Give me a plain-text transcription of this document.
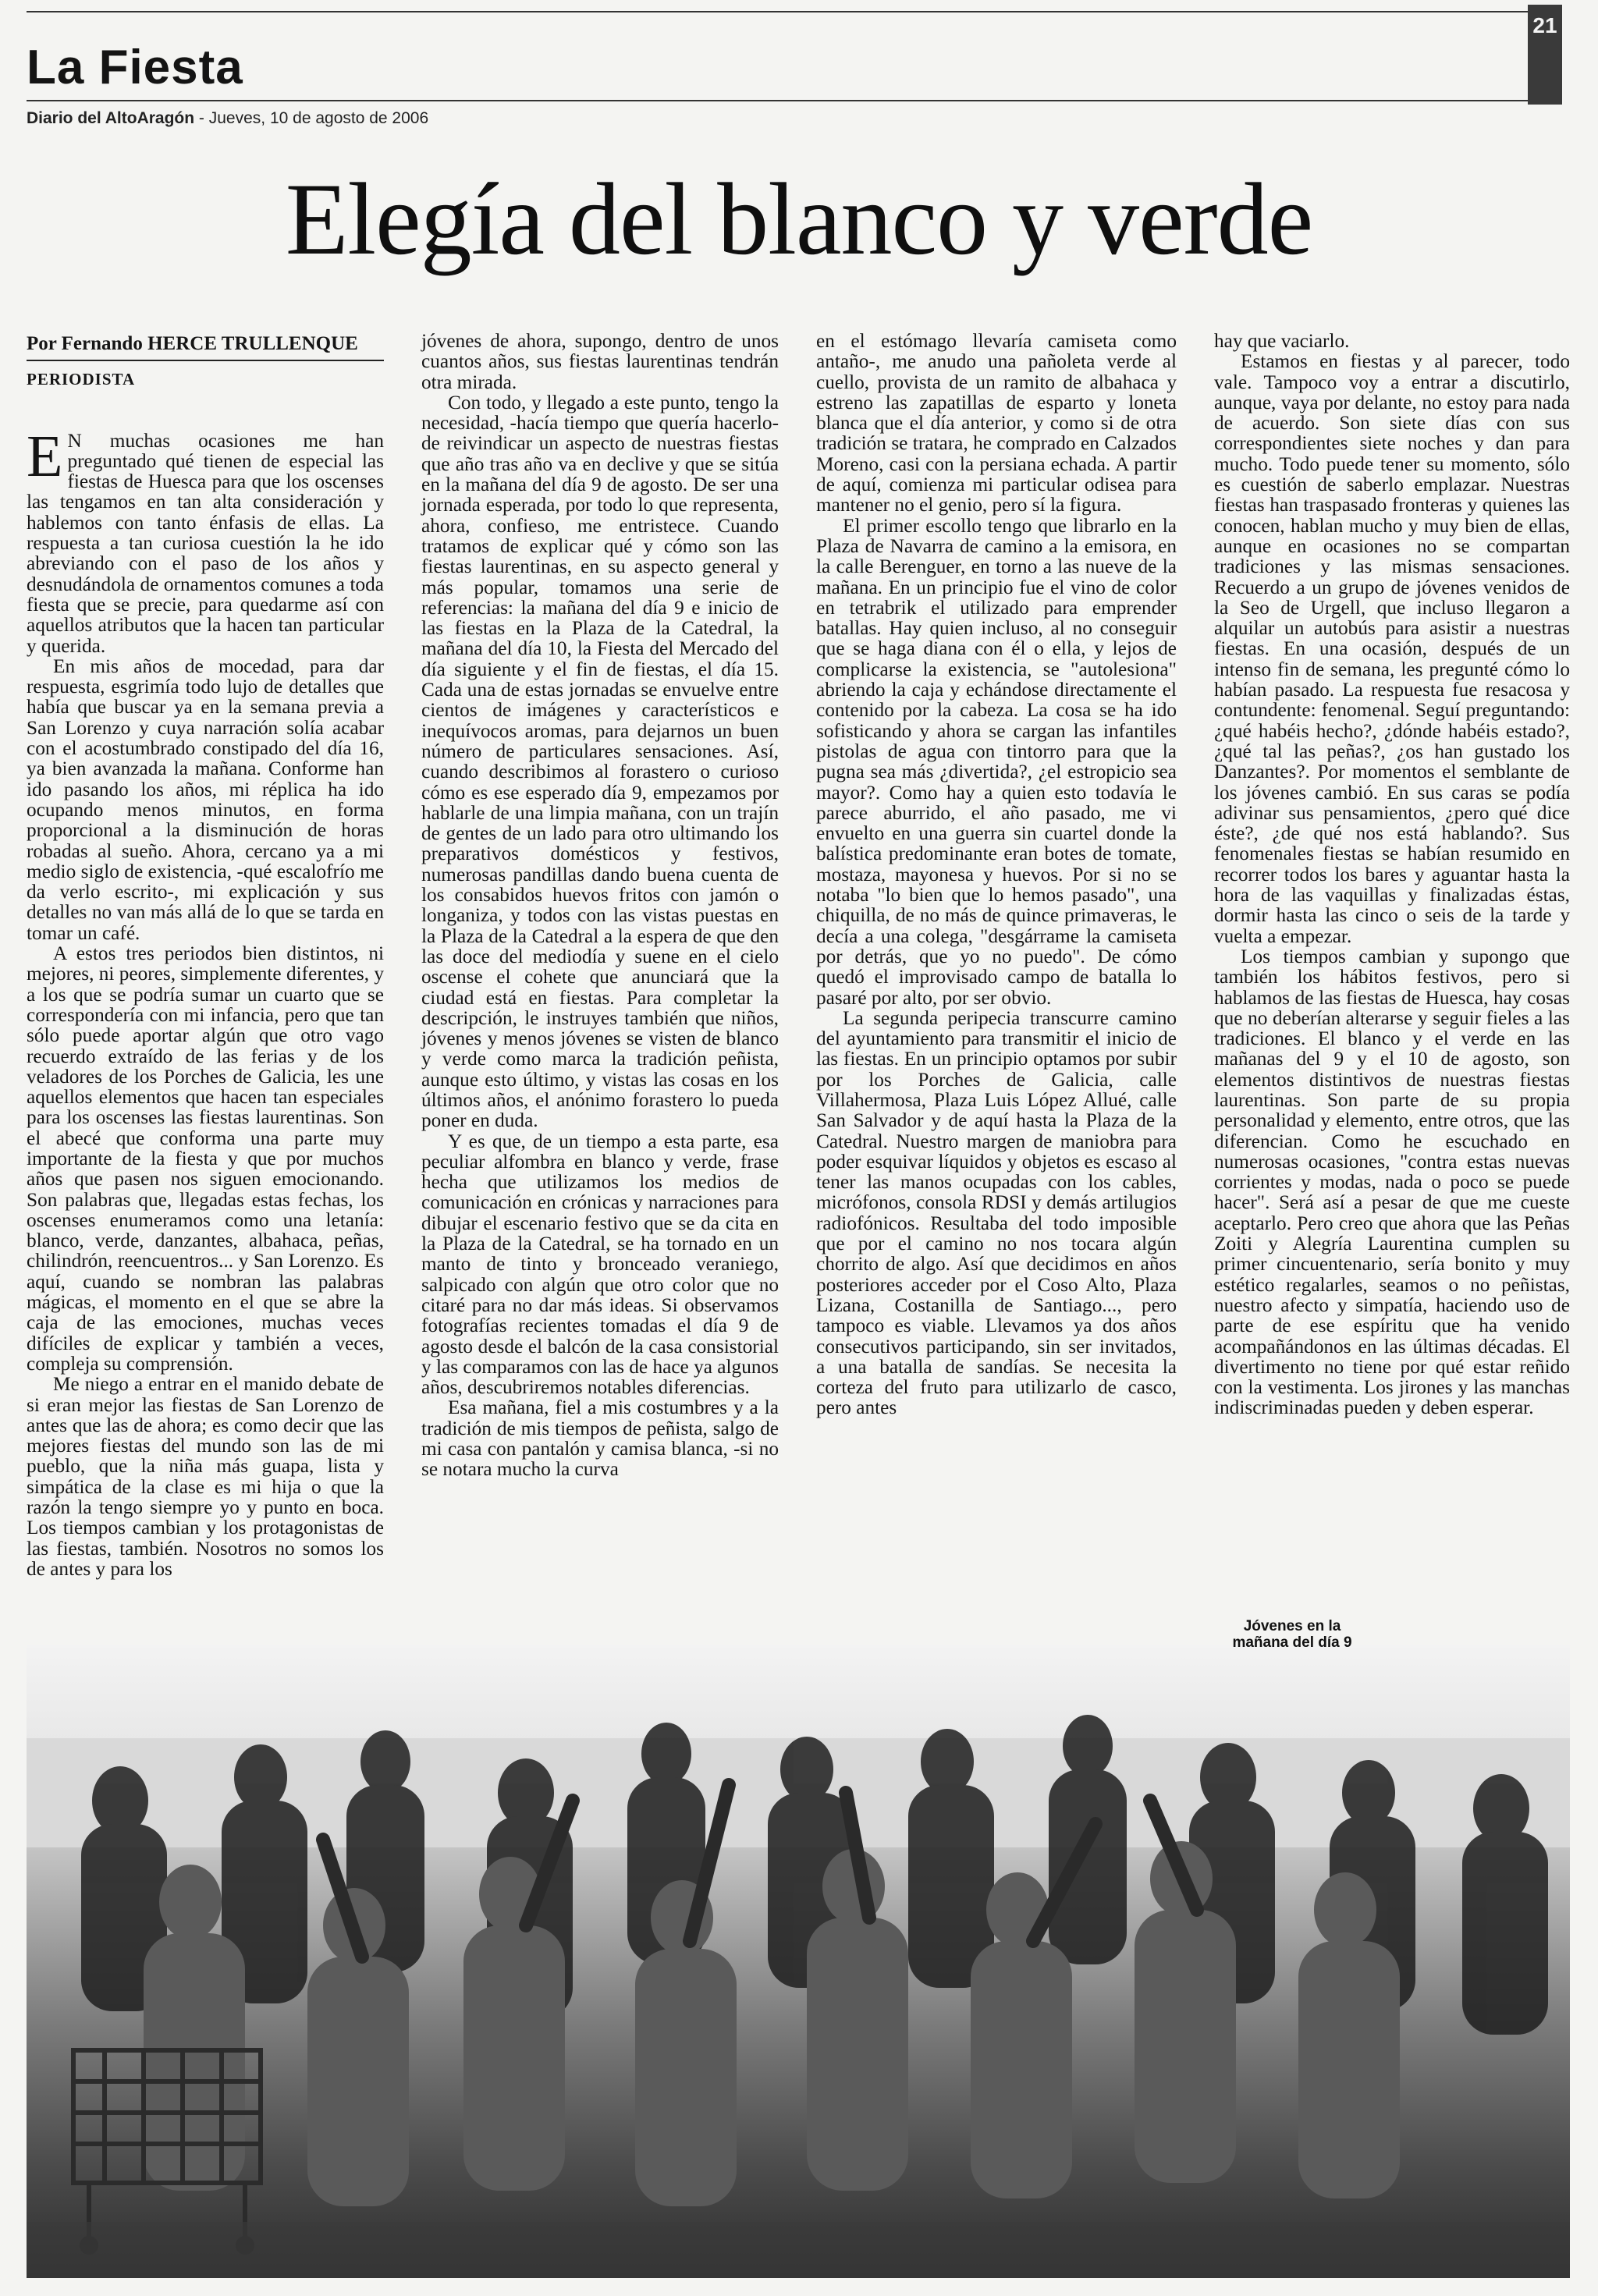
21
La Fiesta
Diario del AltoAragón - Jueves, 10 de agosto de 2006
Elegía del blanco y verde
Por Fernando HERCE TRULLENQUE
PERIODISTA
E N muchas ocasiones me han preguntado qué tienen de especial las fiestas de Huesca para que los oscenses las tengamos en tan alta consideración y hablemos con tanto énfasis de ellas. La respuesta a tan curiosa cuestión la he ido abreviando con el paso de los años y desnudándola de ornamentos comunes a toda fiesta que se precie, para quedarme así con aquellos atributos que la hacen tan particular y querida.

En mis años de mocedad, para dar respuesta, esgrimía todo lujo de detalles que había que buscar ya en la semana previa a San Lorenzo y cuya narración solía acabar con el acostumbrado constipado del día 16, ya bien avanzada la mañana. Conforme han ido pasando los años, mi réplica ha ido ocupando menos minutos, en forma proporcional a la disminución de horas robadas al sueño. Ahora, cercano ya a mi medio siglo de existencia, -qué escalofrío me da verlo escrito-, mi explicación y sus detalles no van más allá de lo que se tarda en tomar un café.

A estos tres periodos bien distintos, ni mejores, ni peores, simplemente diferentes, y a los que se podría sumar un cuarto que se correspondería con mi infancia, pero que tan sólo puede aportar algún que otro vago recuerdo extraído de las ferias y de los veladores de los Porches de Galicia, les une aquellos elementos que hacen tan especiales para los oscenses las fiestas laurentinas. Son el abecé que conforma una parte muy importante de la fiesta y que por muchos años que pasen nos siguen emocionando. Son palabras que, llegadas estas fechas, los oscenses enumeramos como una letanía: blanco, verde, danzantes, albahaca, peñas, chilindrón, reencuentros... y San Lorenzo. Es aquí, cuando se nombran las palabras mágicas, el momento en el que se abre la caja de las emociones, muchas veces difíciles de explicar y también a veces, compleja su comprensión.

Me niego a entrar en el manido debate de si eran mejor las fiestas de San Lorenzo de antes que las de ahora; es como decir que las mejores fiestas del mundo son las de mi pueblo, que la niña más guapa, lista y simpática de la clase es mi hija o que la razón la tengo siempre yo y punto en boca. Los tiempos cambian y los protagonistas de las fiestas, también. Nosotros no somos los de antes y para los

jóvenes de ahora, supongo, dentro de unos cuantos años, sus fiestas laurentinas tendrán otra mirada.

Con todo, y llegado a este punto, tengo la necesidad, -hacía tiempo que quería hacerlo- de reivindicar un aspecto de nuestras fiestas que año tras año va en declive y que se sitúa en la mañana del día 9 de agosto. De ser una jornada esperada, por todo lo que representa, ahora, confieso, me entristece. Cuando tratamos de explicar qué y cómo son las fiestas laurentinas, en su aspecto general y más popular, tomamos una serie de referencias: la mañana del día 9 e inicio de las fiestas en la Plaza de la Catedral, la mañana del día 10, la Fiesta del Mercado del día siguiente y el fin de fiestas, el día 15. Cada una de estas jornadas se envuelve entre cientos de imágenes y característicos e inequívocos aromas, para dejarnos un buen número de particulares sensaciones. Así, cuando describimos al forastero o curioso cómo es ese esperado día 9, empezamos por hablarle de una limpia mañana, con un trajín de gentes de un lado para otro ultimando los preparativos domésticos y festivos, numerosas pandillas dando buena cuenta de los consabidos huevos fritos con jamón o longaniza, y todos con las vistas puestas en la Plaza de la Catedral a la espera de que den las doce del mediodía y suene en el cielo oscense el cohete que anunciará que la ciudad está en fiestas. Para completar la descripción, le instruyes también que niños, jóvenes y menos jóvenes se visten de blanco y verde como marca la tradición peñista, aunque esto último, y vistas las cosas en los últimos años, el anónimo forastero lo pueda poner en duda.

Y es que, de un tiempo a esta parte, esa peculiar alfombra en blanco y verde, frase hecha que utilizamos los medios de comunicación en crónicas y narraciones para dibujar el escenario festivo que se da cita en la Plaza de la Catedral, se ha tornado en un manto de tinto y bronceado veraniego, salpicado con algún que otro color que no citaré para no dar más ideas. Si observamos fotografías recientes tomadas el día 9 de agosto desde el balcón de la casa consistorial y las comparamos con las de hace ya algunos años, descubriremos notables diferencias.

Esa mañana, fiel a mis costumbres y a la tradición de mis tiempos de peñista, salgo de mi casa con pantalón y camisa blanca, -si no se notara mucho la curva

en el estómago llevaría camiseta como antaño-, me anudo una pañoleta verde al cuello, provista de un ramito de albahaca y estreno las zapatillas de esparto y loneta blanca que el día anterior, y como si de otra tradición se tratara, he comprado en Calzados Moreno, casi con la persiana echada. A partir de aquí, comienza mi particular odisea para mantener no el genio, pero sí la figura.

El primer escollo tengo que librarlo en la Plaza de Navarra de camino a la emisora, en la calle Berenguer, en torno a las nueve de la mañana. En un principio fue el vino de color en tetrabrik el utilizado para emprender batallas. Hay quien incluso, al no conseguir que se haga diana con él o ella, y lejos de complicarse la existencia, se "autolesiona" abriendo la caja y echándose directamente el contenido por la cabeza. La cosa se ha ido sofisticando y ahora se cargan las infantiles pistolas de agua con tintorro para que la pugna sea más ¿divertida?, ¿el estropicio sea mayor?. Como hay a quien esto todavía le parece aburrido, el año pasado, me vi envuelto en una guerra sin cuartel donde la balística predominante eran botes de tomate, mostaza, mayonesa y huevos. Por si no se notaba "lo bien que lo hemos pasado", una chiquilla, de no más de quince primaveras, le decía a una colega, "desgárrame la camiseta por detrás, que yo no puedo". De cómo quedó el improvisado campo de batalla lo pasaré por alto, por ser obvio.

La segunda peripecia transcurre camino del ayuntamiento para transmitir el inicio de las fiestas. En un principio optamos por subir por los Porches de Galicia, calle Villahermosa, Plaza Luis López Allué, calle San Salvador y de aquí hasta la Plaza de la Catedral. Nuestro margen de maniobra para poder esquivar líquidos y objetos es escaso al tener las manos ocupadas con los cables, micrófonos, consola RDSI y demás artilugios radiofónicos. Resultaba del todo imposible que por el camino no nos tocara algún chorrito de algo. Así que decidimos en años posteriores acceder por el Coso Alto, Plaza Lizana, Costanilla de Santiago..., pero tampoco es viable. Llevamos ya dos años consecutivos participando, sin ser invitados, a una batalla de sandías. Se necesita la corteza del fruto para utilizarlo de casco, pero antes

hay que vaciarlo.

Estamos en fiestas y al parecer, todo vale. Tampoco voy a entrar a discutirlo, aunque, vaya por delante, no estoy para nada de acuerdo. Son siete días con sus correspondientes siete noches y dan para mucho. Todo puede tener su momento, sólo es cuestión de saberlo emplazar. Nuestras fiestas han traspasado fronteras y quienes las conocen, hablan mucho y muy bien de ellas, aunque en ocasiones no se compartan tradiciones y las mismas sensaciones. Recuerdo a un grupo de jóvenes venidos de la Seo de Urgell, que incluso llegaron a alquilar un autobús para asistir a nuestras fiestas. En una ocasión, después de un intenso fin de semana, les pregunté cómo lo habían pasado. La respuesta fue resacosa y contundente: fenomenal. Seguí preguntando: ¿qué habéis hecho?, ¿dónde habéis estado?, ¿qué tal las peñas?, ¿os han gustado los Danzantes?. Por momentos el semblante de los jóvenes cambió. En sus caras se podía adivinar sus pensamientos, ¿pero qué dice éste?, ¿de qué nos está hablando?. Sus fenomenales fiestas se habían resumido en recorrer todos los bares y aguantar hasta la hora de las vaquillas y finalizadas éstas, dormir hasta las cinco o seis de la tarde y vuelta a empezar.

Los tiempos cambian y supongo que también los hábitos festivos, pero si hablamos de las fiestas de Huesca, hay cosas que no deberían alterarse y seguir fieles a las tradiciones. El blanco y el verde en las mañanas del 9 y el 10 de agosto, son elementos distintivos de nuestras fiestas laurentinas. Son parte de su propia personalidad y elemento, entre otros, que las diferencian. Como he escuchado en numerosas ocasiones, "contra estas nuevas corrientes y modas, nada o poco se puede hacer". Será así a pesar de que me cueste aceptarlo. Pero creo que ahora que las Peñas Zoiti y Alegría Laurentina cumplen su primer cincuentenario, sería bonito y muy estético regalarles, seamos o no peñistas, nuestro afecto y simpatía, haciendo uso de parte de ese espíritu que ha venido acompañándonos en las últimas décadas. El divertimento no tiene por qué estar reñido con la vestimenta. Los jirones y las manchas indiscriminadas pueden y deben esperar.

Jóvenes en la mañana del día 9
